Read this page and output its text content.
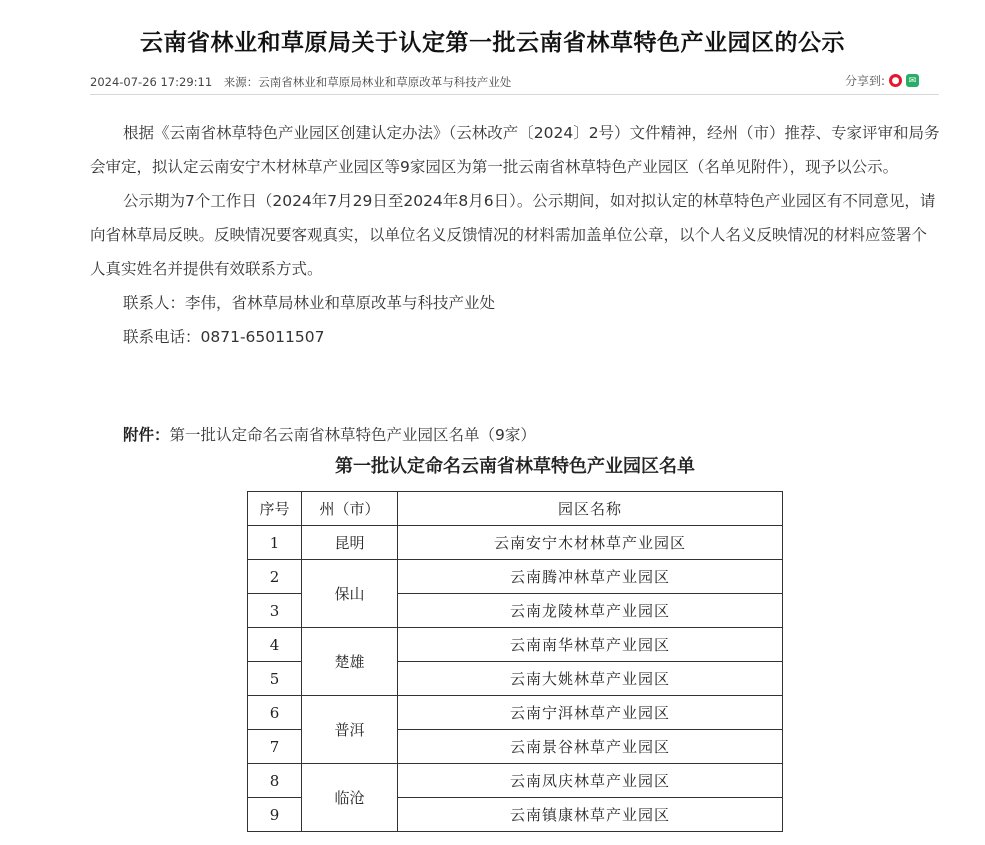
云南省林业和草原局关于认定第一批云南省林草特色产业园区的公示
2024-07-26 17:29:11 来源：云南省林业和草原局林业和草原改革与科技产业处	分享到: ●	✉

根据《云南省林草特色产业园区创建认定办法》（云林改产〔2024〕2号）文件精神，经州（市）推荐、专家评审和局务会审定，拟认定云南安宁木材林草产业园区等9家园区为第一批云南省林草特色产业园区（名单见附件），现予以公示。

公示期为7个工作日（2024年7月29日至2024年8月6日）。公示期间，如对拟认定的林草特色产业园区有不同意见，请向省林草局反映。反映情况要客观真实，以单位名义反馈情况的材料需加盖单位公章，以个人名义反映情况的材料应签署个人真实姓名并提供有效联系方式。

联系人：李伟，省林草局林业和草原改革与科技产业处

联系电话：0871-65011507

附件：第一批认定命名云南省林草特色产业园区名单（9家）
第一批认定命名云南省林草特色产业园区名单
序号	州（市）	园区名称
1	昆明	云南安宁木材林草产业园区
2	保山	云南腾冲林草产业园区
3		云南龙陵林草产业园区
4	楚雄	云南南华林草产业园区
5		云南大姚林草产业园区
6	普洱	云南宁洱林草产业园区
7		云南景谷林草产业园区
8	临沧	云南凤庆林草产业园区
9		云南镇康林草产业园区
